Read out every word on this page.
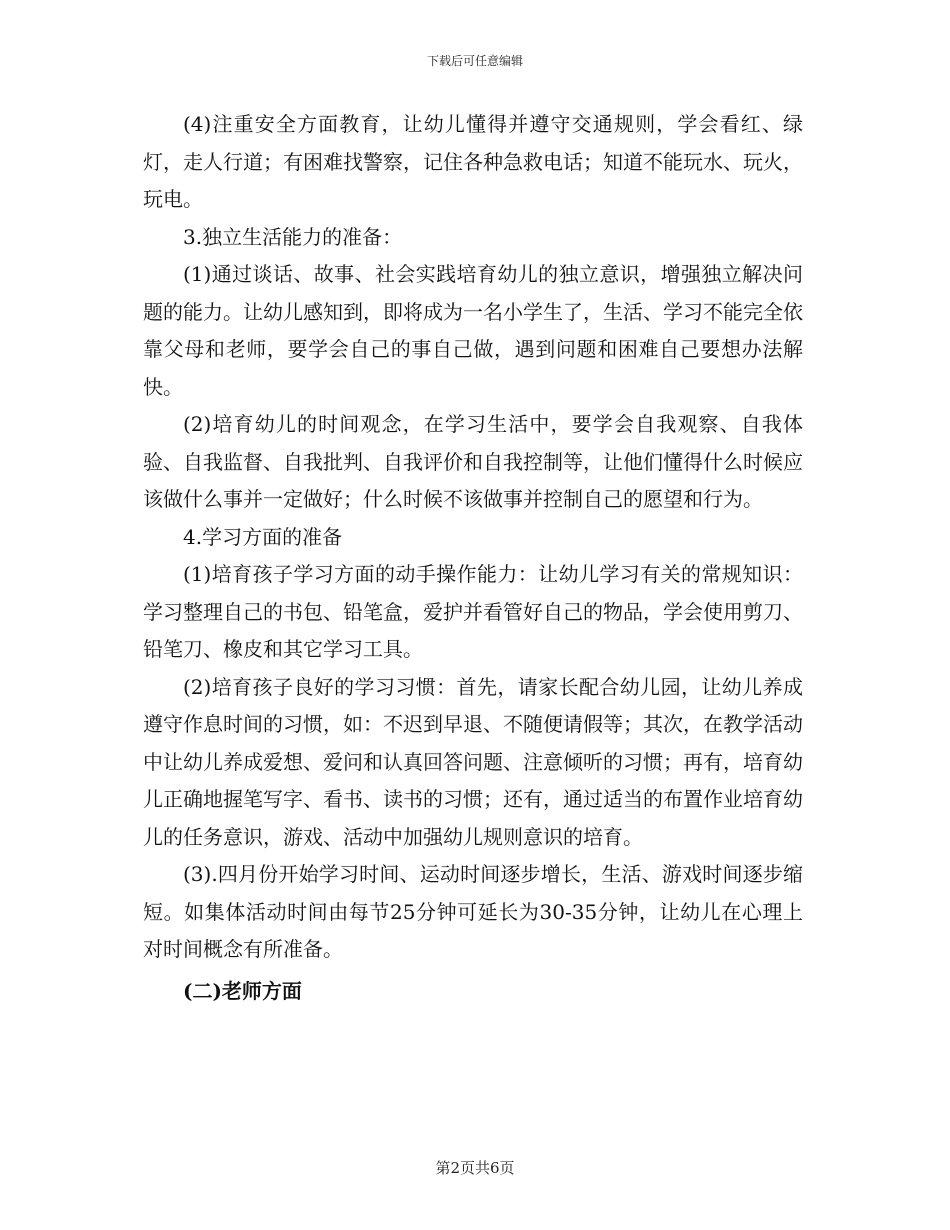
下载后可任意编辑

(4)注重安全方面教育，让幼儿懂得并遵守交通规则，学会看红、绿灯，走人行道；有困难找警察，记住各种急救电话；知道不能玩水、玩火，玩电。

3.独立生活能力的准备：

(1)通过谈话、故事、社会实践培育幼儿的独立意识，增强独立解决问题的能力。让幼儿感知到，即将成为一名小学生了，生活、学习不能完全依靠父母和老师，要学会自己的事自己做，遇到问题和困难自己要想办法解快。

(2)培育幼儿的时间观念，在学习生活中，要学会自我观察、自我体验、自我监督、自我批判、自我评价和自我控制等，让他们懂得什么时候应该做什么事并一定做好；什么时候不该做事并控制自己的愿望和行为。

4.学习方面的准备

(1)培育孩子学习方面的动手操作能力：让幼儿学习有关的常规知识：学习整理自己的书包、铅笔盒，爱护并看管好自己的物品，学会使用剪刀、铅笔刀、橡皮和其它学习工具。

(2)培育孩子良好的学习习惯：首先，请家长配合幼儿园，让幼儿养成遵守作息时间的习惯，如：不迟到早退、不随便请假等；其次，在教学活动中让幼儿养成爱想、爱问和认真回答问题、注意倾听的习惯；再有，培育幼儿正确地握笔写字、看书、读书的习惯；还有，通过适当的布置作业培育幼儿的任务意识，游戏、活动中加强幼儿规则意识的培育。

(3).四月份开始学习时间、运动时间逐步增长，生活、游戏时间逐步缩短。如集体活动时间由每节25分钟可延长为30-35分钟，让幼儿在心理上对时间概念有所准备。

(二)老师方面

第2页共6页
